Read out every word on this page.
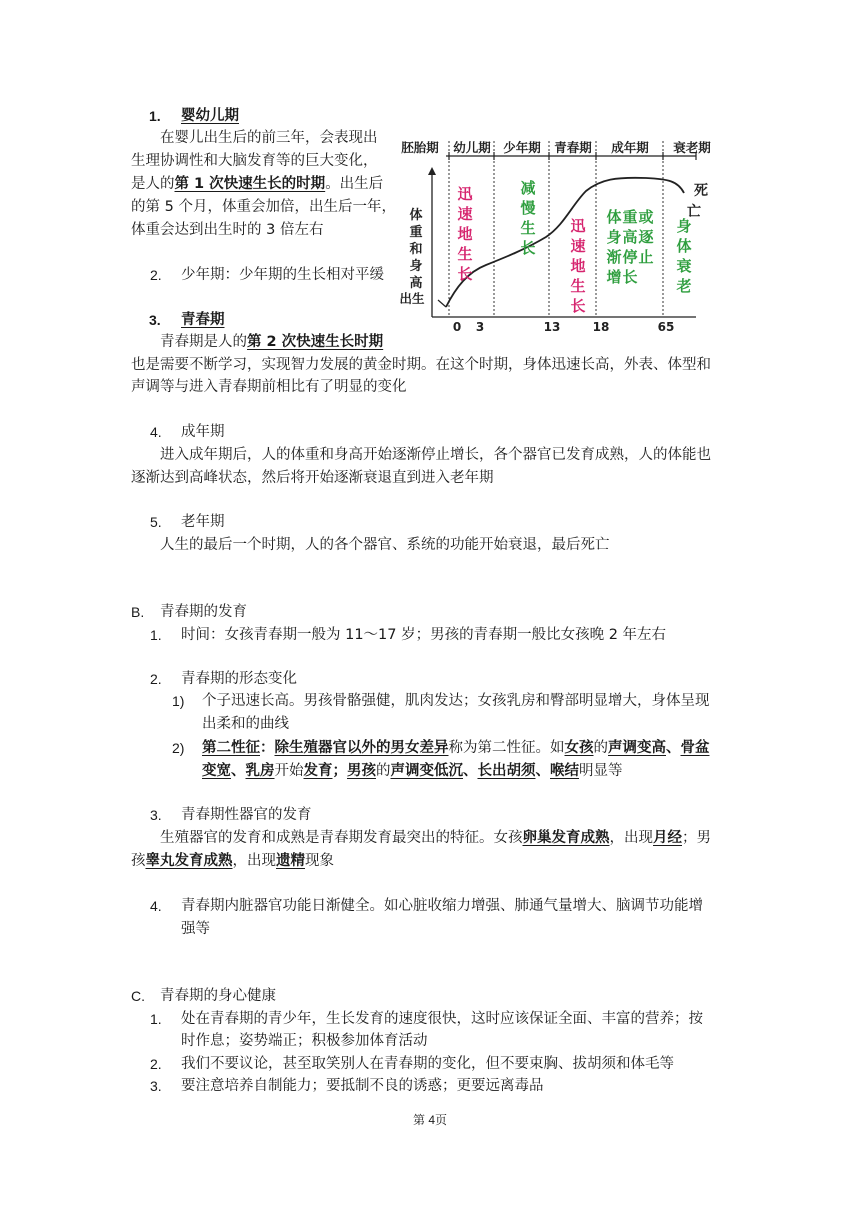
1. 婴幼儿期
在婴儿出生后的前三年，会表现出
生理协调性和大脑发育等的巨大变化，
是人的第 1 次快速生长的时期。出生后
的第 5 个月，体重会加倍，出生后一年，
体重会达到出生时的 3 倍左右
2. 少年期：少年期的生长相对平缓
3. 青春期
青春期是人的第 2 次快速生长时期
也是需要不断学习，实现智力发展的黄金时期。在这个时期，身体迅速长高，外表、体型和
声调等与进入青春期前相比有了明显的变化
4. 成年期
进入成年期后，人的体重和身高开始逐渐停止增长，各个器官已发育成熟，人的体能也
逐渐达到高峰状态，然后将开始逐渐衰退直到进入老年期
5. 老年期
人生的最后一个时期，人的各个器官、系统的功能开始衰退，最后死亡
B. 青春期的发育
1. 时间：女孩青春期一般为 11～17 岁；男孩的青春期一般比女孩晚 2 年左右
2. 青春期的形态变化
1) 个子迅速长高。男孩骨骼强健，肌肉发达；女孩乳房和臀部明显增大，身体呈现
出柔和的曲线
2) 第二性征：除生殖器官以外的男女差异称为第二性征。如女孩的声调变高、骨盆
变宽、乳房开始发育；男孩的声调变低沉、长出胡须、喉结明显等
3. 青春期性器官的发育
生殖器官的发育和成熟是青春期发育最突出的特征。女孩卵巢发育成熟，出现月经；男
孩睾丸发育成熟，出现遗精现象
4. 青春期内脏器官功能日渐健全。如心脏收缩力增强、肺通气量增大、脑调节功能增
强等
C. 青春期的身心健康
1. 处在青春期的青少年，生长发育的速度很快，这时应该保证全面、丰富的营养；按
时作息；姿势端正；积极参加体育活动
2. 我们不要议论，甚至取笑别人在青春期的变化，但不要束胸、拔胡须和体毛等
3. 要注意培养自制能力；要抵制不良的诱惑；更要远离毒品
胚胎期 幼儿期 少年期 青春期 成年期 衰老期
体
重
和
身
高
出生
死
亡
0 3	13	18	65
迅
速
地
生
长
减
慢
生
长
迅
速
地
生
长
体 重 或
身 高 逐
渐 停 止
增 长
身
体
衰
老
第 4页
